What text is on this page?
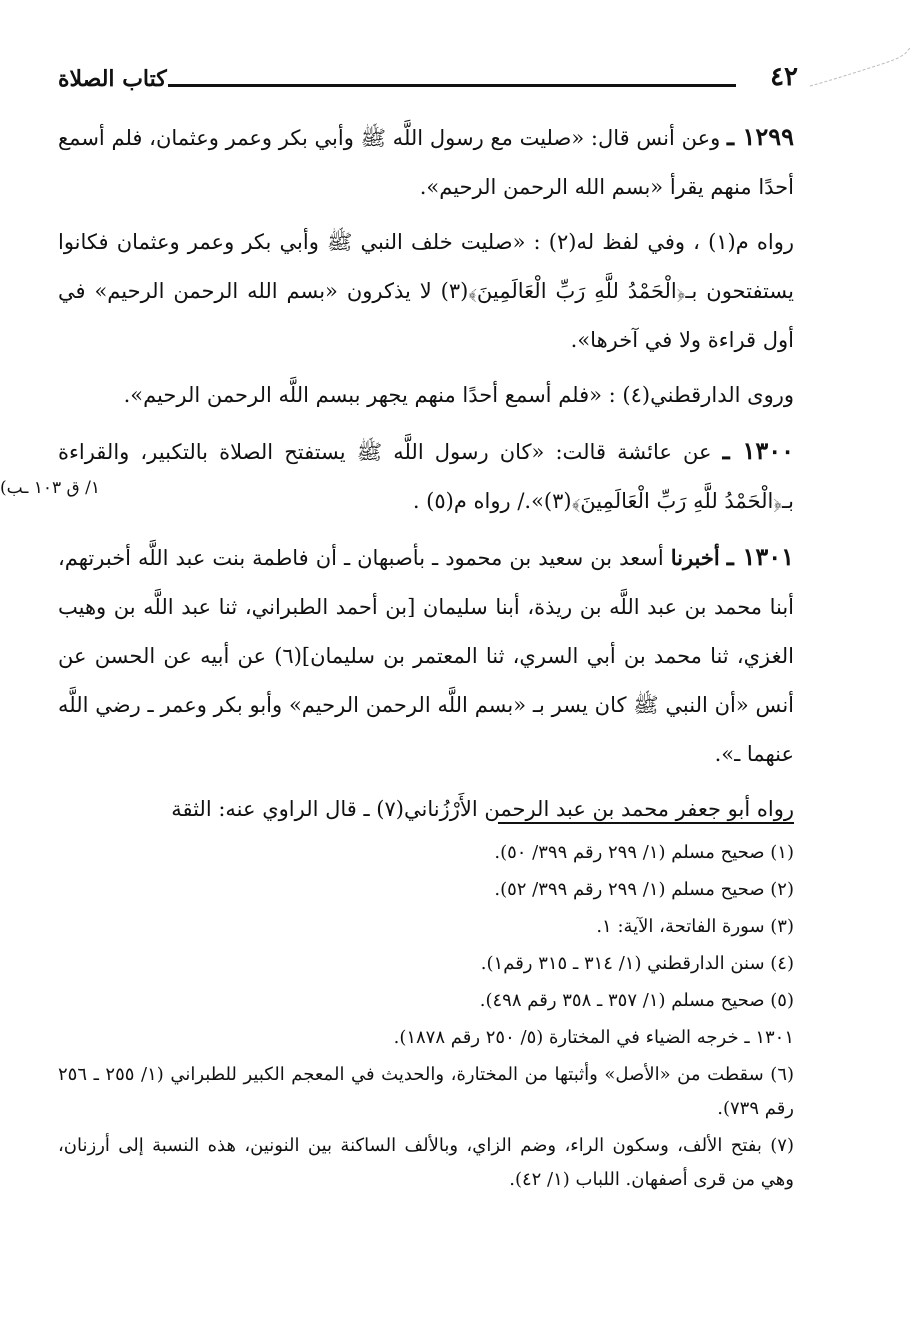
٤٢
كتاب الصلاة

١٢٩٩ ـ وعن أنس قال: «صليت مع رسول اللَّه ﷺ وأبي بكر وعمر وعثمان، فلم أسمع أحدًا منهم يقرأ «بسم الله الرحمن الرحيم».

رواه م(١) ، وفي لفظ له(٢) : «صليت خلف النبي ﷺ وأبي بكر وعمر وعثمان فكانوا يستفتحون بـ﴿الْحَمْدُ للَّهِ رَبِّ الْعَالَمِينَ﴾(٣) لا يذكرون «بسم الله الرحمن الرحيم» في أول قراءة ولا في آخرها».

وروى الدارقطني(٤) : «فلم أسمع أحدًا منهم يجهر ببسم اللَّه الرحمن الرحيم».

١٣٠٠ ـ عن عائشة قالت: «كان رسول اللَّه ﷺ يستفتح الصلاة بالتكبير، والقراءة بـ﴿الْحَمْدُ للَّهِ رَبِّ الْعَالَمِينَ﴾(٣)»./ رواه م(٥) .

١٣٠١ ـ أخبرنا أسعد بن سعيد بن محمود ـ بأصبهان ـ أن فاطمة بنت عبد اللَّه أخبرتهم، أبنا محمد بن عبد اللَّه بن ريذة، أبنا سليمان [بن أحمد الطبراني، ثنا عبد اللَّه بن وهيب الغزي، ثنا محمد بن أبي السري، ثنا المعتمر بن سليمان](٦) عن أبيه عن الحسن عن أنس «أن النبي ﷺ كان يسر بـ «بسم اللَّه الرحمن الرحيم» وأبو بكر وعمر ـ رضي اللَّه عنهما ـ».

رواه أبو جعفر محمد بن عبد الرحمن الأَرْزُناني(٧) ـ قال الراوي عنه: الثقة

١/ ق ١٠٣ ـب)

(١) صحيح مسلم (١/ ٢٩٩ رقم ٣٩٩/ ٥٠).

(٢) صحيح مسلم (١/ ٢٩٩ رقم ٣٩٩/ ٥٢).

(٣) سورة الفاتحة، الآية: ١.

(٤) سنن الدارقطني (١/ ٣١٤ ـ ٣١٥ رقم١).

(٥) صحيح مسلم (١/ ٣٥٧ ـ ٣٥٨ رقم ٤٩٨).

١٣٠١ ـ خرجه الضياء في المختارة (٥/ ٢٥٠ رقم ١٨٧٨).

(٦) سقطت من «الأصل» وأثبتها من المختارة، والحديث في المعجم الكبير للطبراني (١/ ٢٥٥ ـ ٢٥٦ رقم ٧٣٩).

(٧) بفتح الألف، وسكون الراء، وضم الزاي، وبالألف الساكنة بين النونين، هذه النسبة إلى أرزنان، وهي من قرى أصفهان. اللباب (١/ ٤٢).
